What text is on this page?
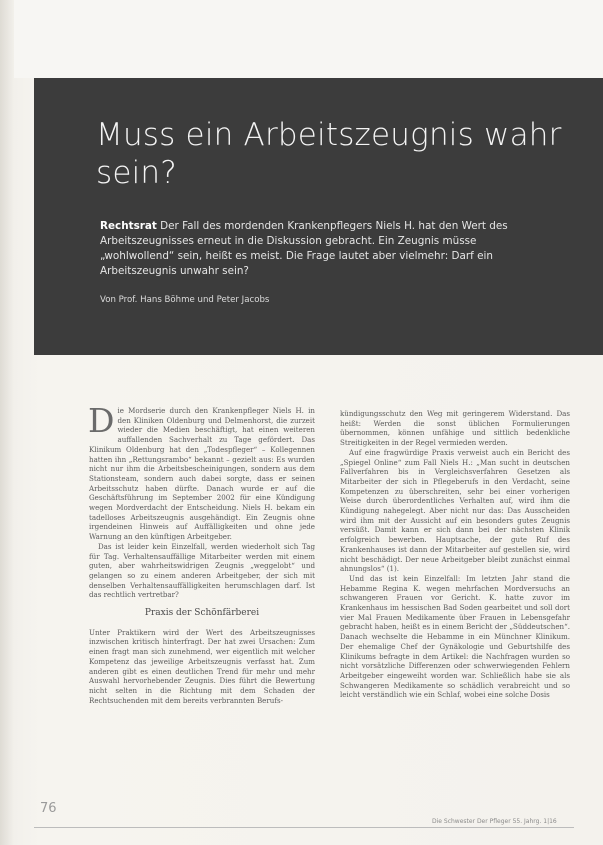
Muss ein Arbeitszeugnis wahr sein?

Rechtsrat Der Fall des mordenden Krankenpflegers Niels H. hat den Wert des Arbeitszeugnisses erneut in die Diskussion gebracht. Ein Zeugnis müsse „wohlwollend“ sein, heißt es meist. Die Frage lautet aber vielmehr: Darf ein Arbeitszeugnis unwahr sein?

Von Prof. Hans Böhme und Peter Jacobs

Die Mordserie durch den Krankenpfleger Niels H. in den Kliniken Oldenburg und Delmenhorst, die zurzeit wieder die Medien beschäftigt, hat einen weiteren auffallenden Sachverhalt zu Tage gefördert. Das Klinikum Oldenburg hat den „Todespfleger“ – Kollegennen hatten ihn „Rettungsrambo“ bekannt – gezielt aus: Es wurden nicht nur ihm die Arbeitsbescheinigungen, sondern aus dem Stationsteam, sondern auch dabei sorgte, dass er seinen Arbeitsschutz haben dürfte. Danach wurde er auf die Geschäftsführung im September 2002 für eine Kündigung wegen Mordverdacht der Entscheidung. Niels H. bekam ein tadelloses Arbeitszeugnis ausgehändigt. Ein Zeugnis ohne irgendeinen Hinweis auf Auffälligkeiten und ohne jede Warnung an den künftigen Arbeitgeber.

Das ist leider kein Einzelfall, werden wiederholt sich Tag für Tag. Verhaltensauffällige Mitarbeiter werden mit einem guten, aber wahrheitswidrigen Zeugnis „weggelobt“ und gelangen so zu einem anderen Arbeitgeber, der sich mit denselben Verhaltensauffälligkeiten herumschlagen darf. Ist das rechtlich vertretbar?

Praxis der Schönfärberei

Unter Praktikern wird der Wert des Arbeitszeugnisses inzwischen kritisch hinterfragt. Der hat zwei Ursachen: Zum einen fragt man sich zunehmend, wer eigentlich mit welcher Kompetenz das jeweilige Arbeitszeugnis verfasst hat. Zum anderen gibt es einen deutlichen Trend für mehr und mehr Auswahl hervorhebender Zeugnis. Dies führt die Bewertung nicht selten in die Richtung mit dem Schaden der Rechtsuchenden mit dem bereits verbrannten Berufs-

kündigungsschutz den Weg mit geringerem Widerstand. Das heißt: Werden die sonst üblichen Formulierungen übernommen, können unfähige und sittlich bedenkliche Streitigkeiten in der Regel vermieden werden.

Auf eine fragwürdige Praxis verweist auch ein Bericht des „Spiegel Online“ zum Fall Niels H.: „Man sucht in deutschen Fallverfahren bis in Vergleichsverfahren Gesetzen als Mitarbeiter der sich in Pflegeberufs in den Verdacht, seine Kompetenzen zu überschreiten, sehr bei einer vorherigen Weise durch überordentliches Verhalten auf, wird ihm die Kündigung nahegelegt. Aber nicht nur das: Das Ausscheiden wird ihm mit der Aussicht auf ein besonders gutes Zeugnis versüßt. Damit kann er sich dann bei der nächsten Klinik erfolgreich bewerben. Hauptsache, der gute Ruf des Krankenhauses ist dann der Mitarbeiter auf gestellen sie, wird nicht beschädigt. Der neue Arbeitgeber bleibt zunächst einmal ahnungslos“ (1).

Und das ist kein Einzelfall: Im letzten Jahr stand die Hebamme Regina K. wegen mehrfachen Mordversuchs an schwangeren Frauen vor Gericht. K. hatte zuvor im Krankenhaus im hessischen Bad Soden gearbeitet und soll dort vier Mal Frauen Medikamente über Frauen in Lebensgefahr gebracht haben, heißt es in einem Bericht der „Süddeutschen“. Danach wechselte die Hebamme in ein Münchner Klinikum. Der ehemalige Chef der Gynäkologie und Geburtshilfe des Klinikums befragte in dem Artikel: die Nachfragen wurden so nicht vorsätzliche Differenzen oder schwerwiegenden Fehlern Arbeitgeber eingeweiht worden war. Schließlich habe sie als Schwangeren Medikamente so schädlich verabreicht und so leicht verständlich wie ein Schlaf, wobei eine solche Dosis

76
Die Schwester Der Pfleger 55. Jahrg. 1|16
